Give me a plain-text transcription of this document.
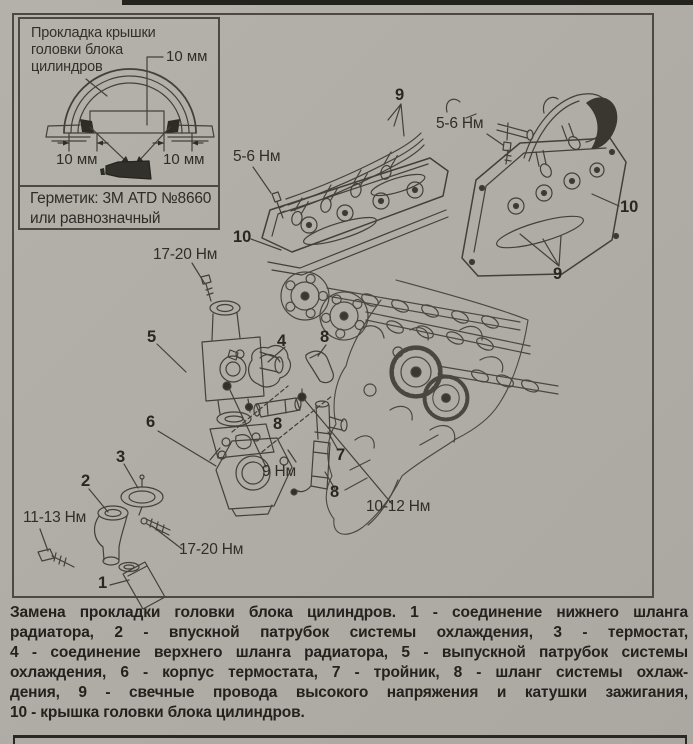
Прокладка крышки
головки блока
цилиндров
Герметик: 3М ATD №8660
или равнозначный
10 мм
10 мм	10 мм
9
5-6 Нм
5-6 Нм
10
10
9
17-20 Нм
5	4 8
6	8
7
9 Нм
8
10-12 Нм
3
2
11-13 Нм
17-20 Нм
1
Замена прокладки головки блока цилиндров. 1 - соединение нижнего шланга
радиатора, 2 - впускной патрубок системы охлаждения, 3 - термостат,
4 - соединение верхнего шланга радиатора, 5 - выпускной патрубок системы
охлаждения, 6 - корпус термостата, 7 - тройник, 8 - шланг системы охлаж-
дения, 9 - свечные провода высокого напряжения и катушки зажигания,
10 - крышка головки блока цилиндров.
